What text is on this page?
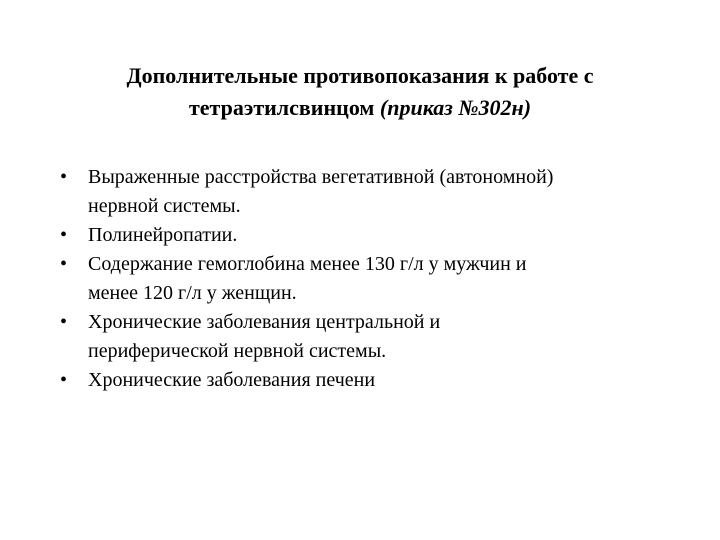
Дополнительные противопоказания к работе с
тетраэтилсвинцом (приказ №302н)
•	Выраженные расстройства вегетативной (автономной)
нервной системы.
•	Полинейропатии.
•	Содержание гемоглобина менее 130 г/л у мужчин и
менее 120 г/л у женщин.
•	Хронические заболевания центральной и
периферической нервной системы.
•	Хронические заболевания печени
